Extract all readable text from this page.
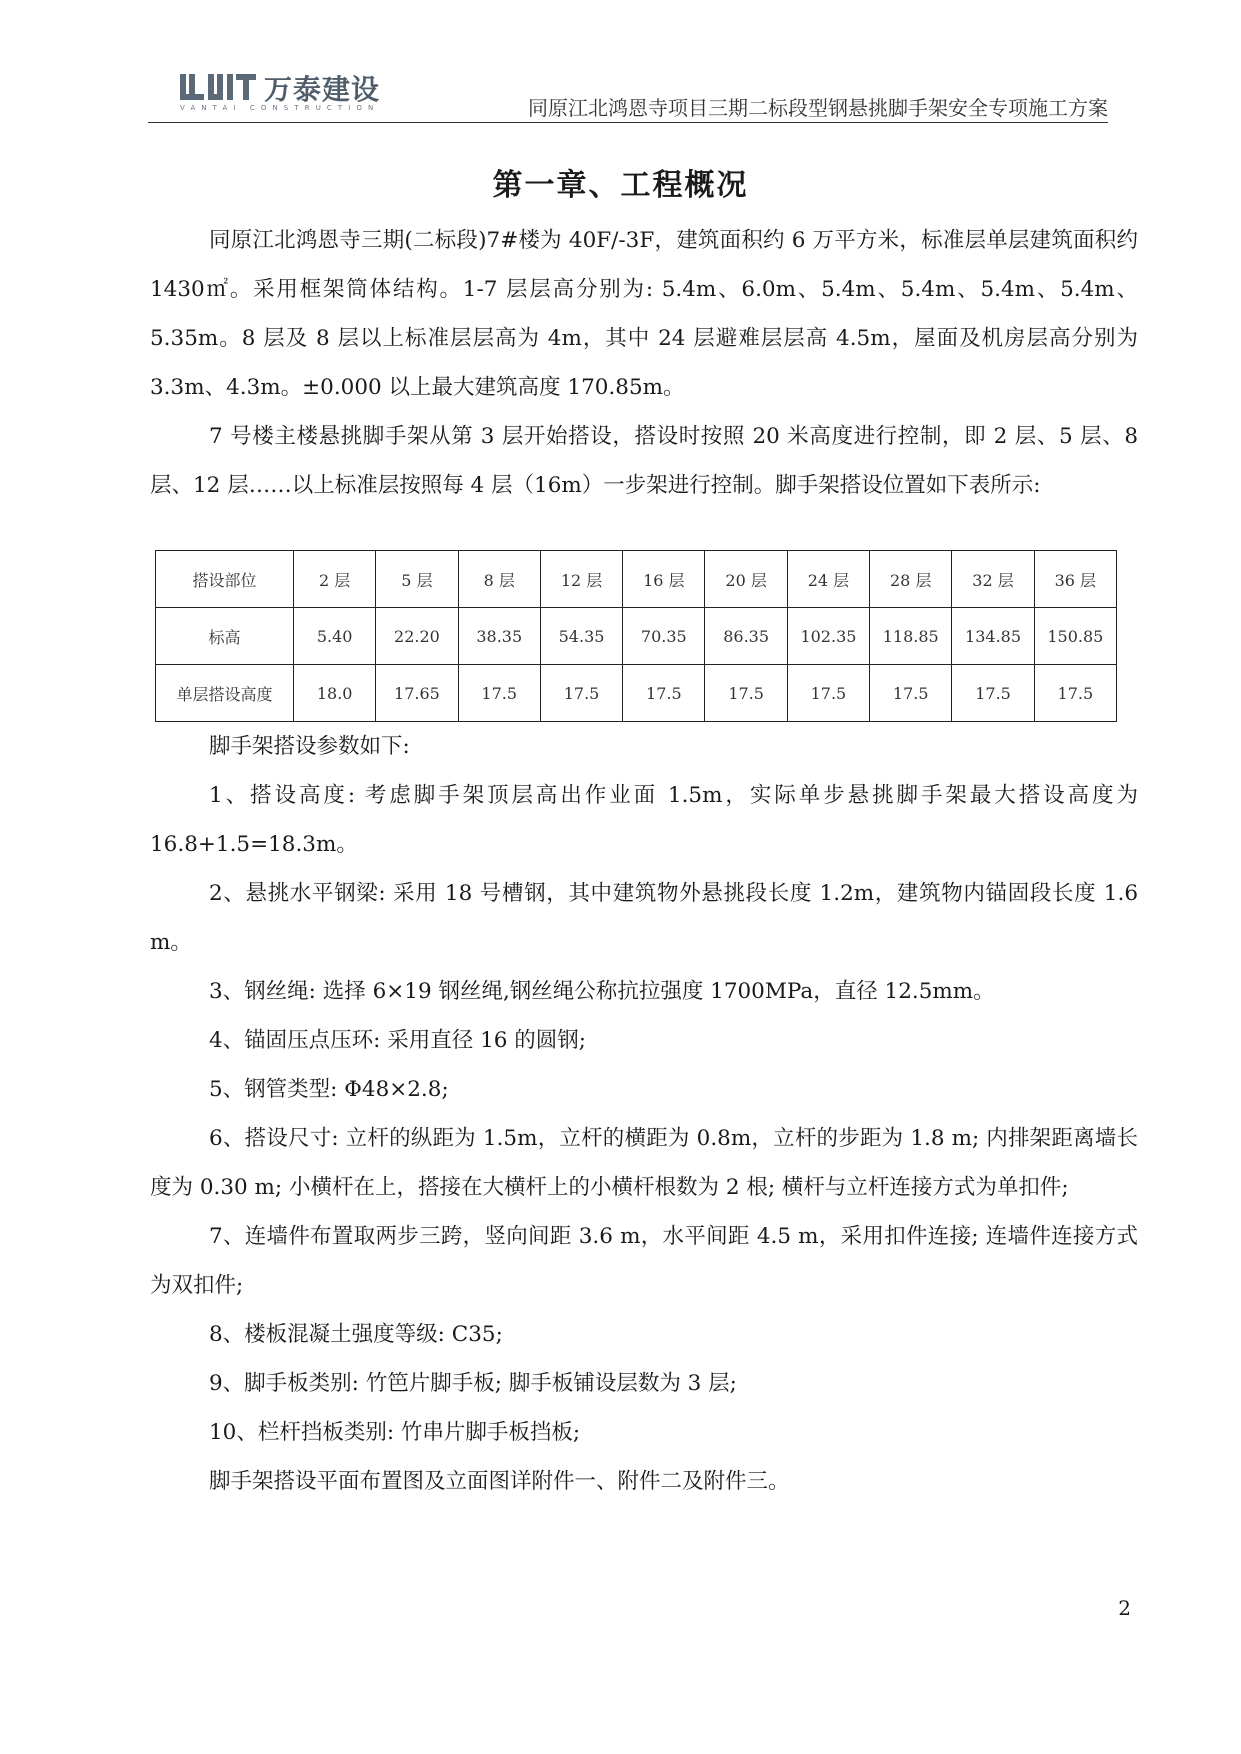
万泰建设
VANTAI CONSTRUCTION	同原江北鸿恩寺项目三期二标段型钢悬挑脚手架安全专项施工方案
第一章、工程概况

同原江北鸿恩寺三期(二标段)7#楼为 40F/-3F，建筑面积约 6 万平方米，标准层单层建筑面积约 1430㎡。采用框架筒体结构。1-7 层层高分别为: 5.4m、6.0m、5.4m、5.4m、5.4m、5.4m、5.35m。8 层及 8 层以上标准层层高为 4m，其中 24 层避难层层高 4.5m，屋面及机房层高分别为 3.3m、4.3m。±0.000 以上最大建筑高度 170.85m。

7 号楼主楼悬挑脚手架从第 3 层开始搭设，搭设时按照 20 米高度进行控制，即 2 层、5 层、8 层、12 层……以上标准层按照每 4 层（16m）一步架进行控制。脚手架搭设位置如下表所示:

搭设部位	2 层	5 层	8 层	12 层	16 层	20 层	24 层	28 层	32 层	36 层
标高	5.40	22.20	38.35	54.35	70.35	86.35	102.35	118.85	134.85	150.85
单层搭设高度	18.0	17.65	17.5	17.5	17.5	17.5	17.5	17.5	17.5	17.5

脚手架搭设参数如下:

1、搭设高度: 考虑脚手架顶层高出作业面 1.5m，实际单步悬挑脚手架最大搭设高度为 16.8+1.5=18.3m。

2、悬挑水平钢梁: 采用 18 号槽钢，其中建筑物外悬挑段长度 1.2m，建筑物内锚固段长度 1.6 m。

3、钢丝绳: 选择 6×19 钢丝绳,钢丝绳公称抗拉强度 1700MPa，直径 12.5mm。

4、锚固压点压环: 采用直径 16 的圆钢;

5、钢管类型: Φ48×2.8;

6、搭设尺寸: 立杆的纵距为 1.5m，立杆的横距为 0.8m，立杆的步距为 1.8 m; 内排架距离墙长度为 0.30 m; 小横杆在上，搭接在大横杆上的小横杆根数为 2 根; 横杆与立杆连接方式为单扣件;

7、连墙件布置取两步三跨，竖向间距 3.6 m，水平间距 4.5 m，采用扣件连接; 连墙件连接方式为双扣件;

8、楼板混凝土强度等级: C35;

9、脚手板类别: 竹笆片脚手板; 脚手板铺设层数为 3 层;

10、栏杆挡板类别: 竹串片脚手板挡板;

脚手架搭设平面布置图及立面图详附件一、附件二及附件三。

2
